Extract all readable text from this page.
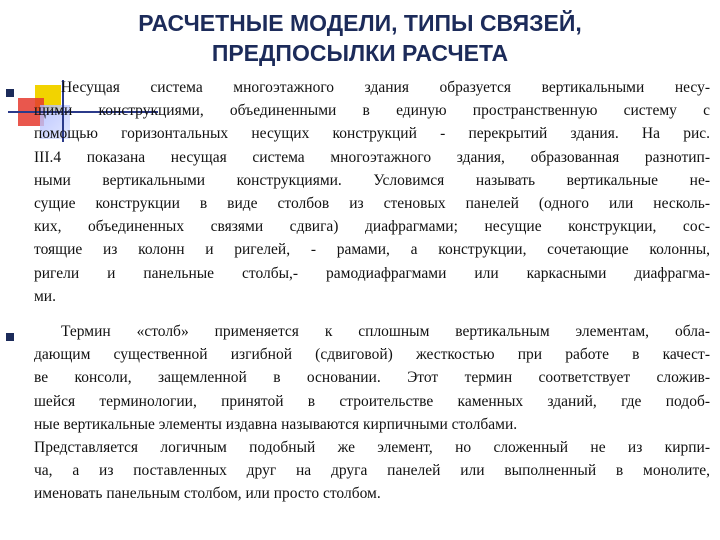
РАСЧЕТНЫЕ МОДЕЛИ, ТИПЫ СВЯЗЕЙ,
ПРЕДПОСЫЛКИ РАСЧЕТА
Несущая система многоэтажного здания образуется вертикальными несу-
щими конструкциями, объединенными в единую пространственную систему с
помощью горизонтальных несущих конструкций - перекрытий здания. На рис.
III.4 показана несущая система многоэтажного здания, образованная разнотип-
ными вертикальными конструкциями. Условимся называть вертикальные не-
сущие конструкции в виде столбов из стеновых панелей (одного или несколь-
ких, объединенных связями сдвига) диафрагмами; несущие конструкции, сос-
тоящие из колонн и ригелей, - рамами, а конструкции, сочетающие колонны,
ригели и панельные столбы,- рамодиафрагмами или каркасными диафрагма-
ми.
Термин «столб» применяется к сплошным вертикальным элементам, обла-
дающим существенной изгибной (сдвиговой) жесткостью при работе в качест-
ве консоли, защемленной в основании. Этот термин соответствует сложив-
шейся терминологии, принятой в строительстве каменных зданий, где подоб-
ные вертикальные элементы издавна называются кирпичными столбами.
Представляется логичным подобный же элемент, но сложенный не из кирпи-
ча, а из поставленных друг на друга панелей или выполненный в монолите,
именовать панельным столбом, или просто столбом.
